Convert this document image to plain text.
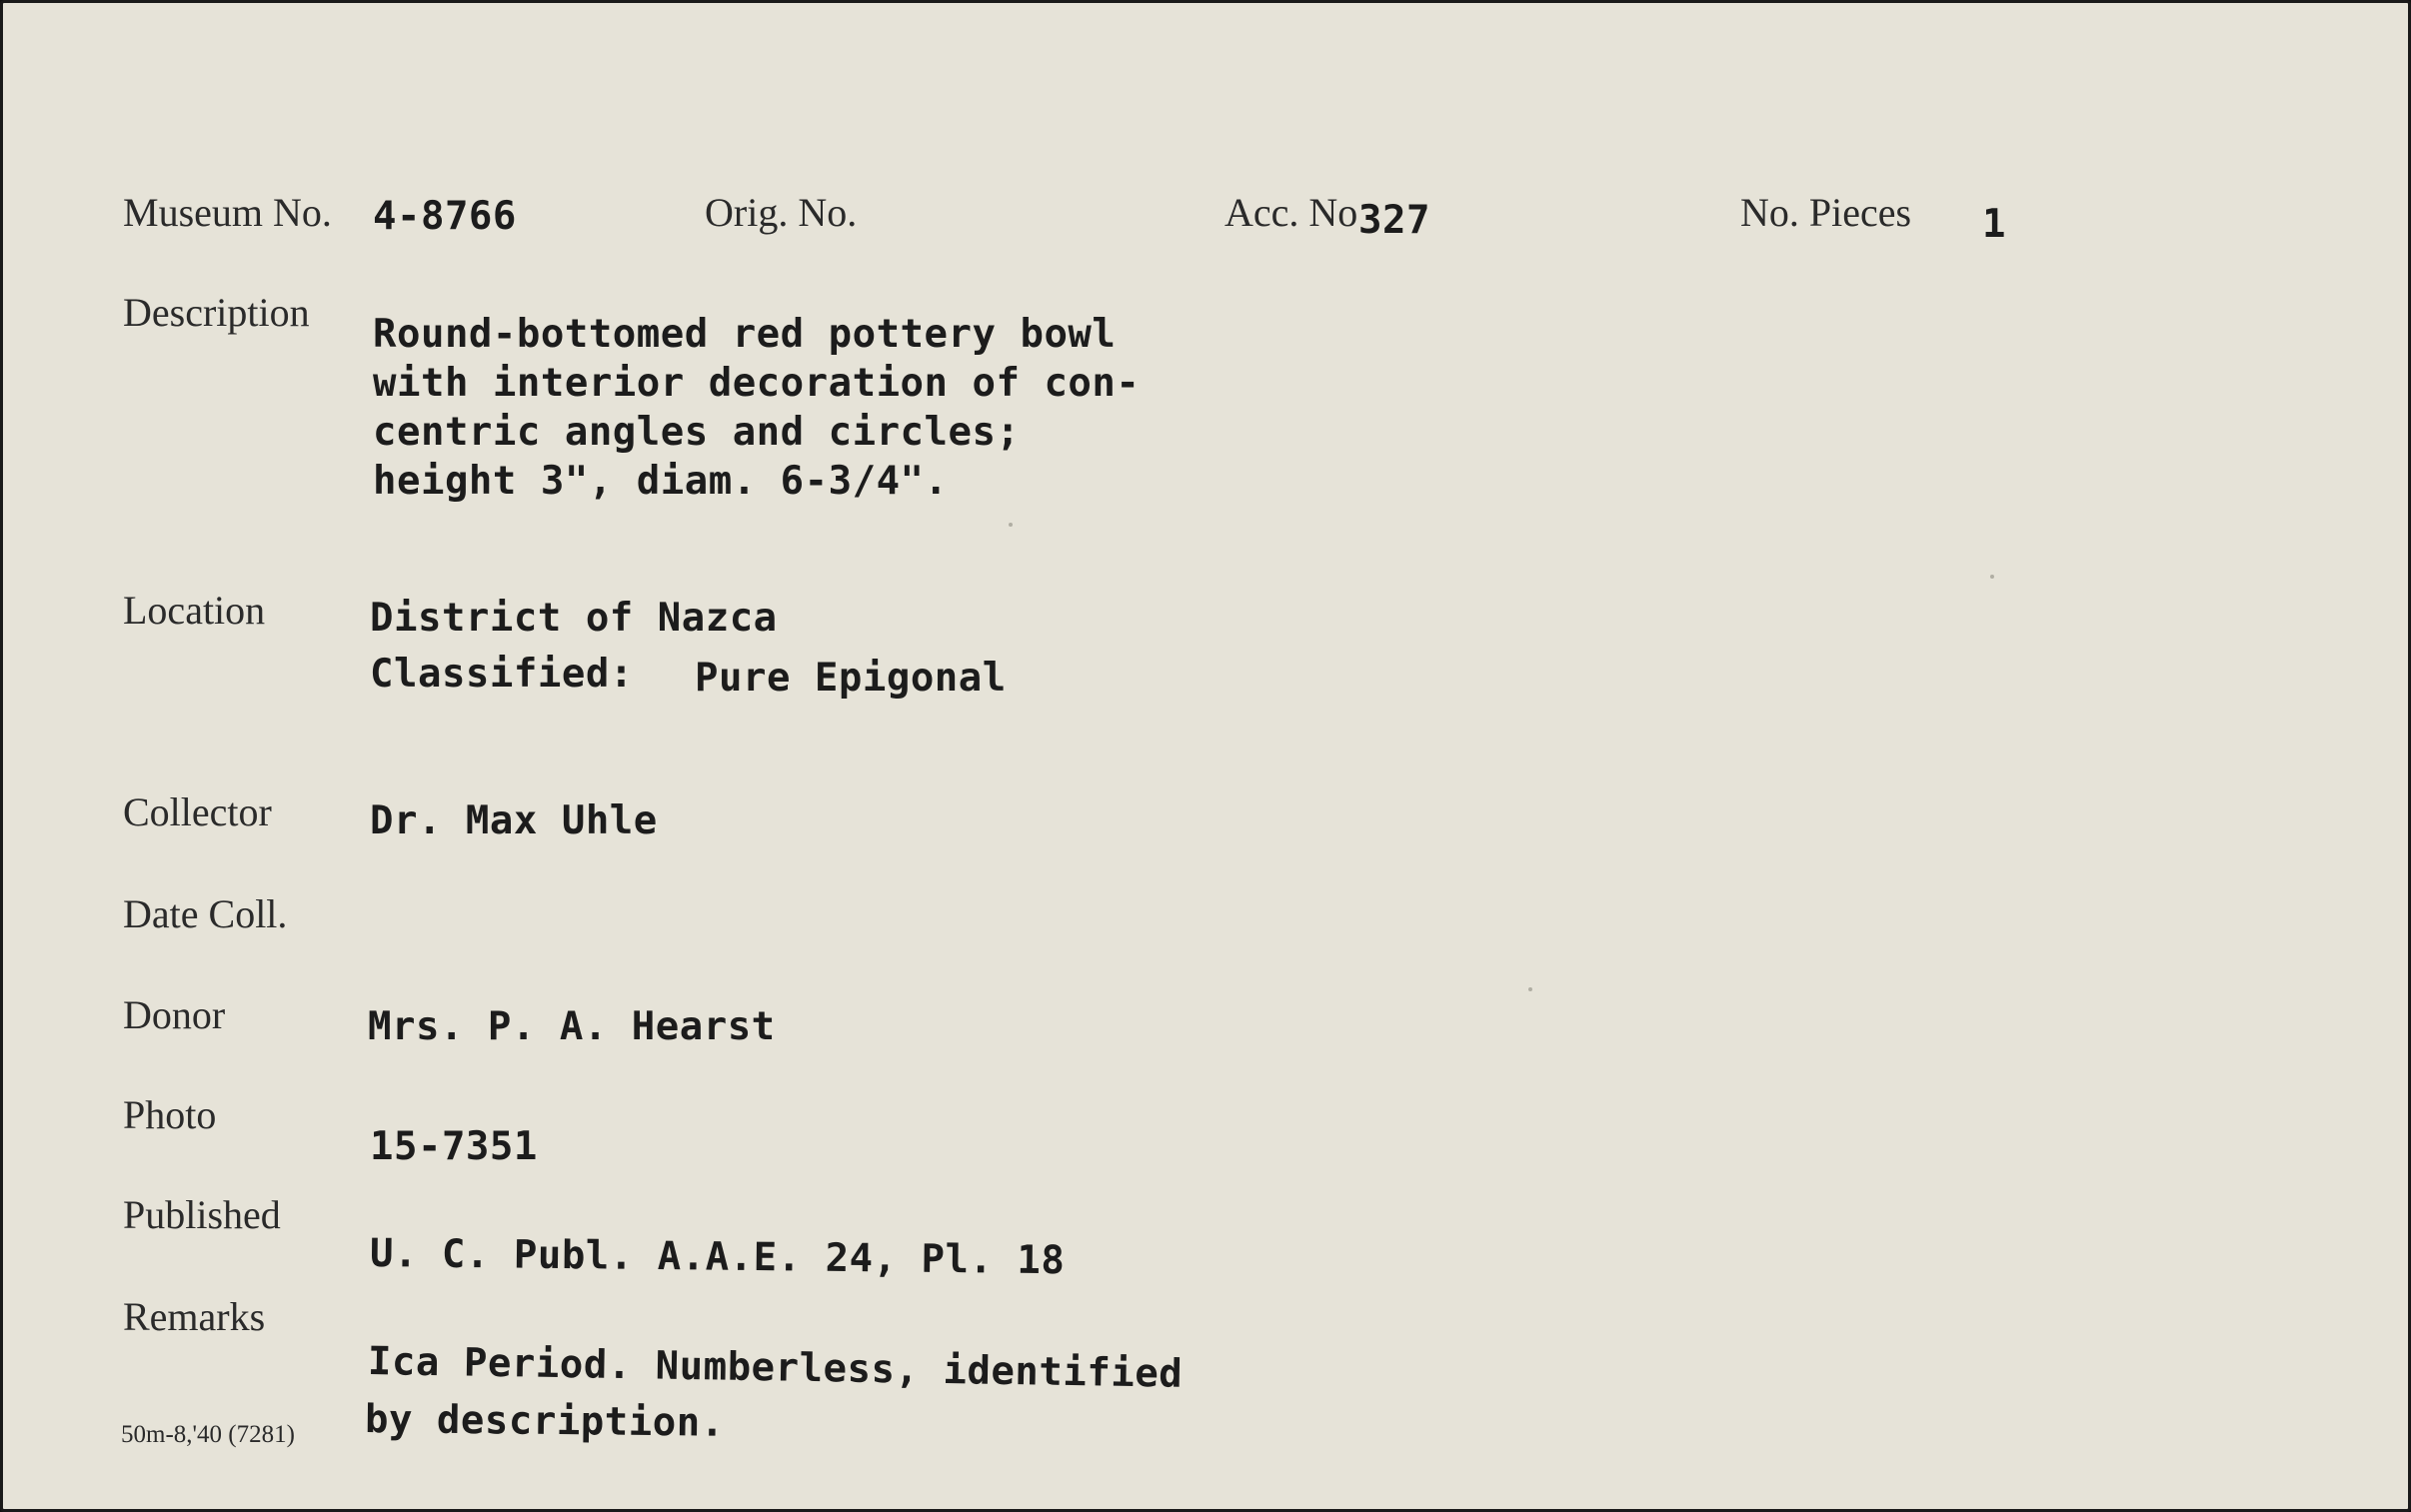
Museum No. 4-8766	Orig. No.	Acc. No 327	No. Pieces 1
Description Round-bottomed red pottery bowl
with interior decoration of con-
centric angles and circles;
height 3", diam. 6-3/4".
Location	District of Nazca
Classified: Pure Epigonal
Collector	Dr. Max Uhle
Date Coll.
Donor	Mrs. P. A. Hearst
Photo
15-7351
Published
U. C. Publ. A.A.E. 24, Pl. 18
Remarks
Ica Period. Numberless, identified
by description.
50m-8,'40 (7281)
